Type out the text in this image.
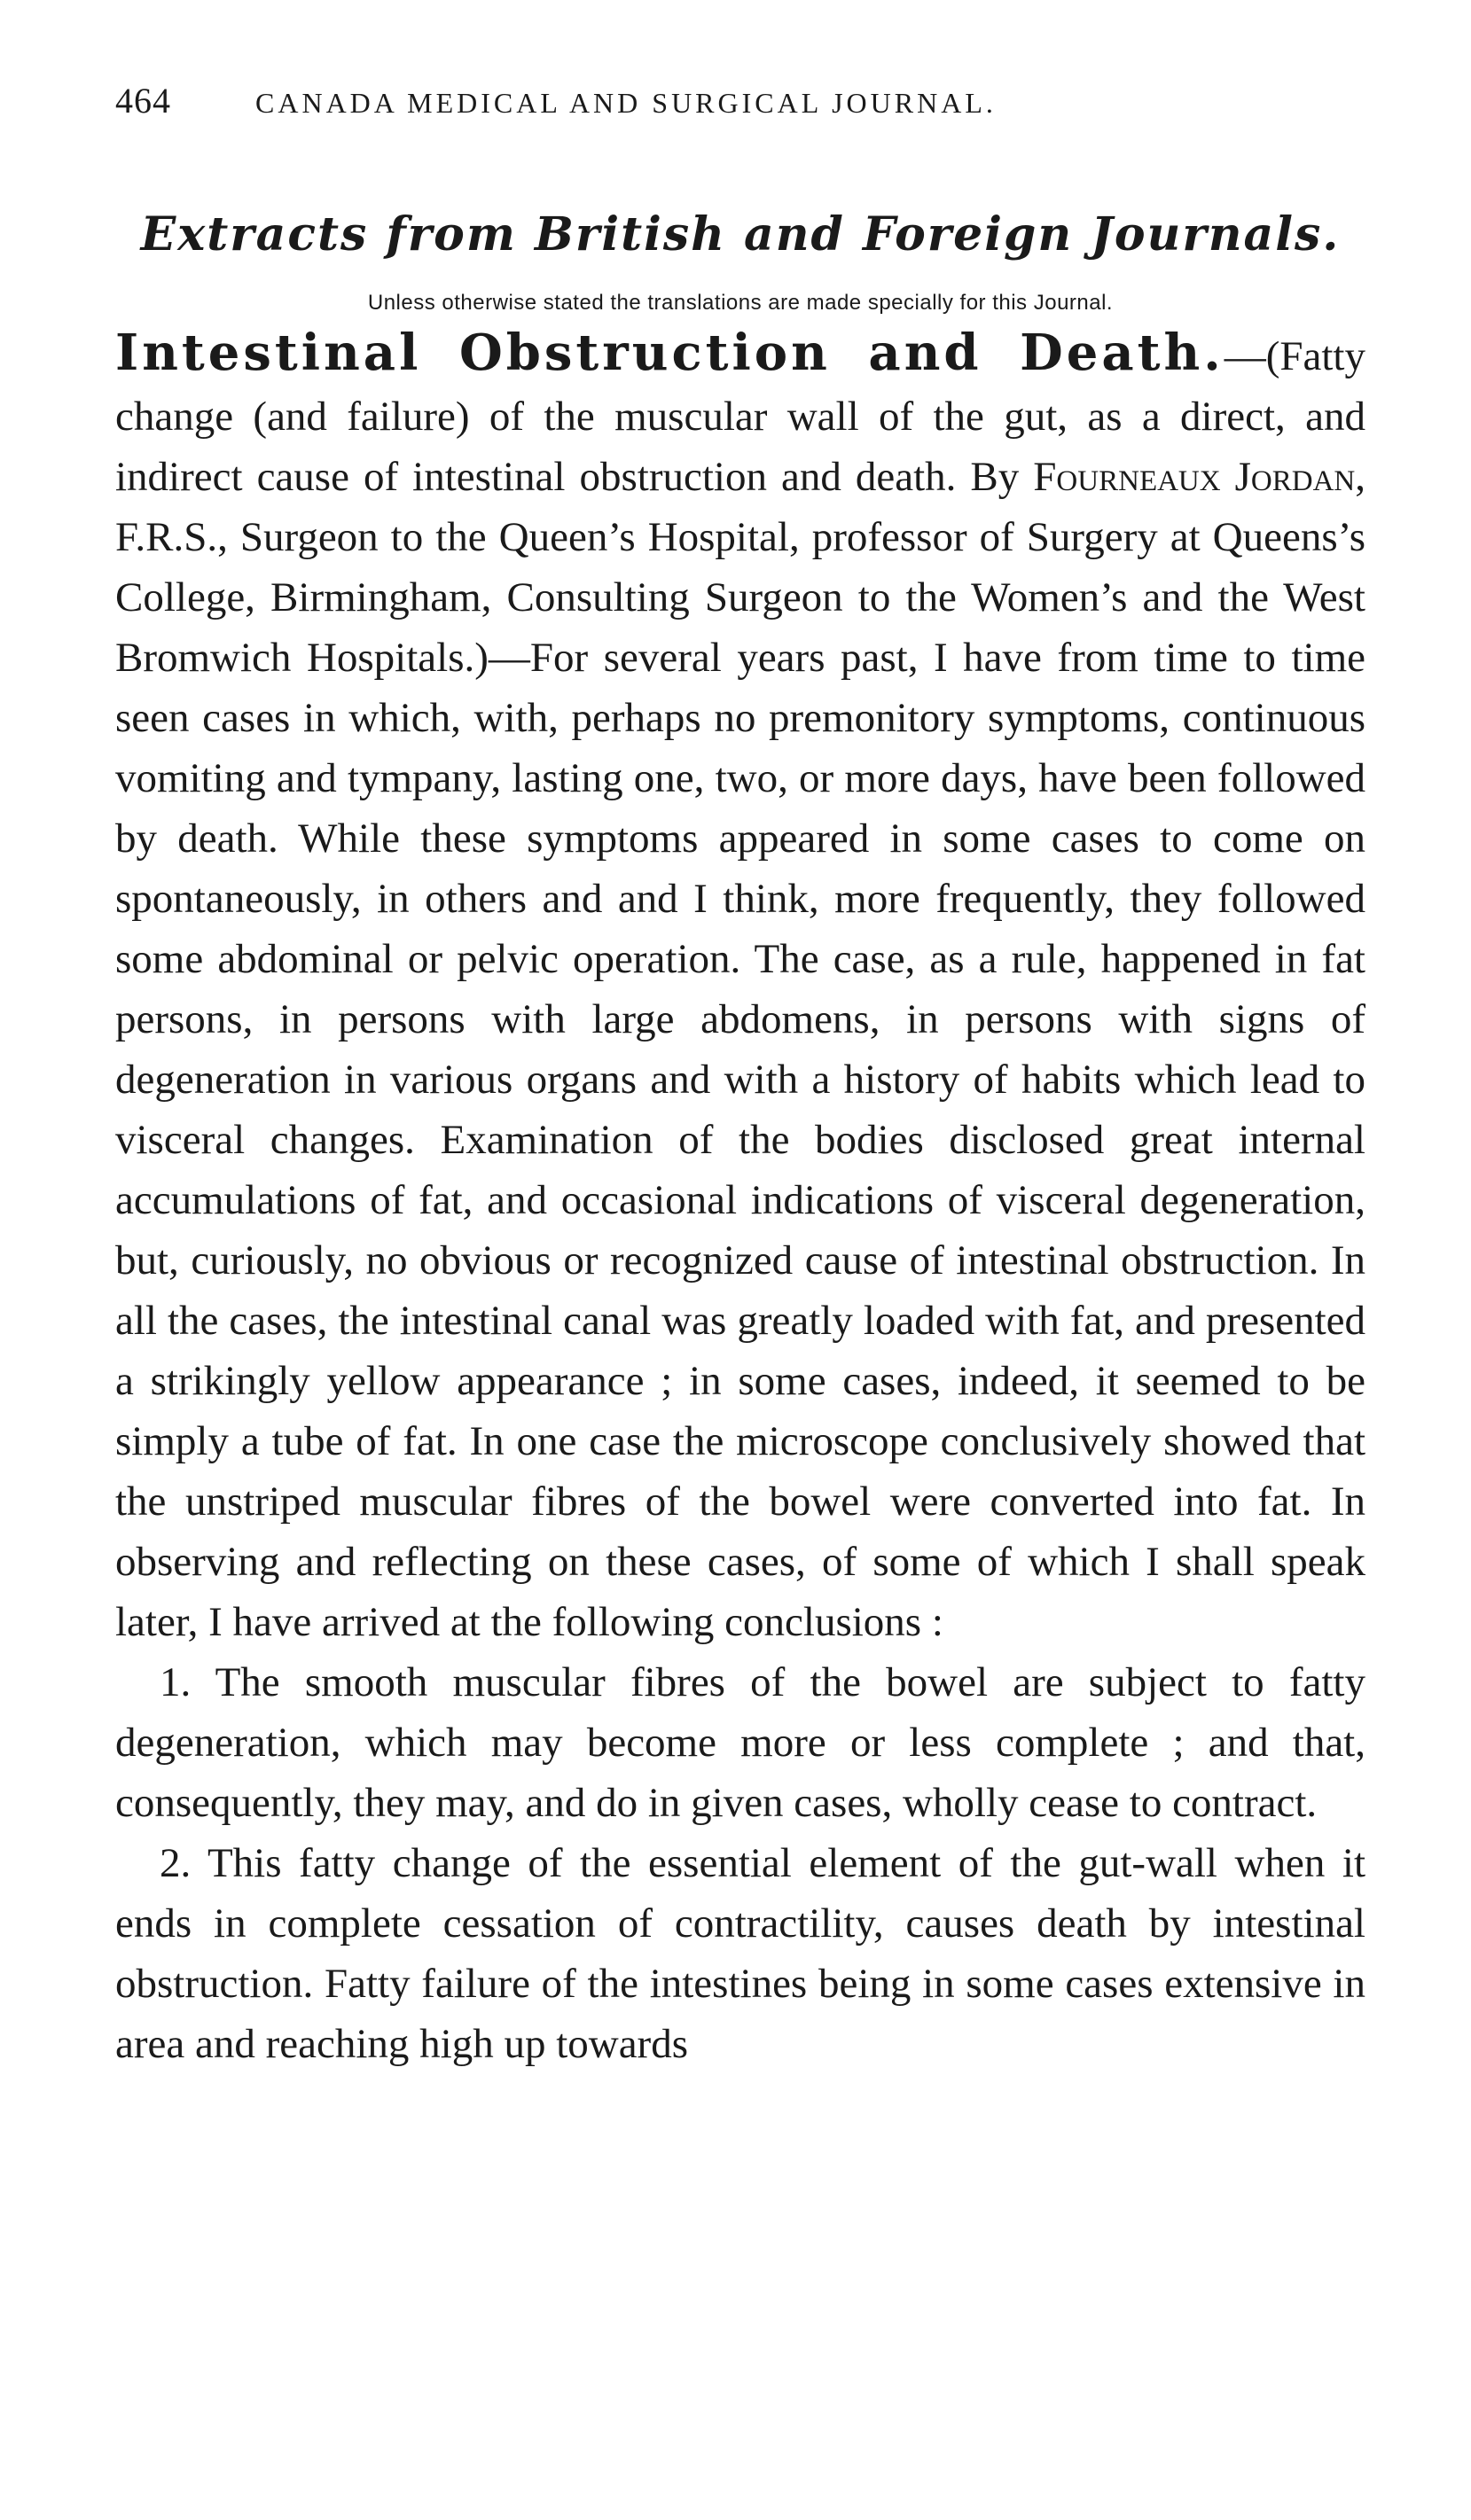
464	CANADA MEDICAL AND SURGICAL JOURNAL.
Extracts from British and Foreign Journals.
Unless otherwise stated the translations are made specially for this Journal.

Intestinal Obstruction and Death.—(Fatty change (and failure) of the muscular wall of the gut, as a direct, and indirect cause of intestinal obstruction and death. By Fourneaux Jordan, F.R.S., Surgeon to the Queen’s Hospital, professor of Surgery at Queens’s College, Birmingham, Consulting Surgeon to the Women’s and the West Bromwich Hospitals.)—For several years past, I have from time to time seen cases in which, with, perhaps no premonitory symptoms, continuous vomiting and tympany, lasting one, two, or more days, have been followed by death. While these symptoms appeared in some cases to come on spontaneously, in others and and I think, more frequently, they followed some abdominal or pelvic operation. The case, as a rule, happened in fat persons, in persons with large abdomens, in persons with signs of degeneration in various organs and with a history of habits which lead to visceral changes. Examination of the bodies disclosed great internal accumulations of fat, and occasional indications of visceral degeneration, but, curiously, no obvious or recognized cause of intestinal obstruction. In all the cases, the intestinal canal was greatly loaded with fat, and presented a strikingly yellow appearance ; in some cases, indeed, it seemed to be simply a tube of fat. In one case the microscope conclusively showed that the unstriped muscular fibres of the bowel were converted into fat. In observing and reflecting on these cases, of some of which I shall speak later, I have arrived at the following conclusions :

1. The smooth muscular fibres of the bowel are subject to fatty degeneration, which may become more or less complete ; and that, consequently, they may, and do in given cases, wholly cease to contract.

2. This fatty change of the essential element of the gut-wall when it ends in complete cessation of contractility, causes death by intestinal obstruction. Fatty failure of the intestines being in some cases extensive in area and reaching high up towards
